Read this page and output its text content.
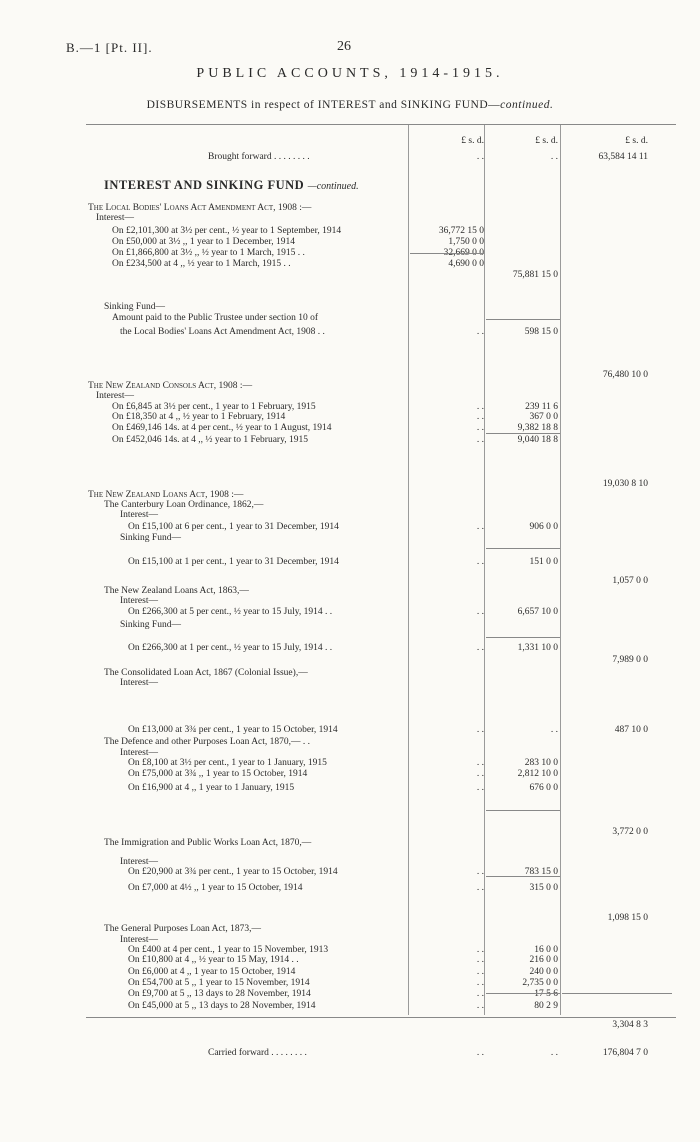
B.—1 [Pt. II].	26
PUBLIC ACCOUNTS, 1914-1915.
DISBURSEMENTS in respect of INTEREST and SINKING FUND—continued.
£ s. d.	£ s. d.	£ s. d.
INTEREST AND SINKING FUND —continued.
Brought forward . . . . . . . .	. .	. .	63,584 14 11
The Local Bodies' Loans Act Amendment Act, 1908 :—
Interest—
On £2,101,300 at 3½ per cent., ½ year to 1 September, 1914	36,772 15 0
On £50,000 at 3½ ,, 1 year to 1 December, 1914	1,750 0 0
On £1,866,800 at 3½ ,, ½ year to 1 March, 1915 . .	32,669 0 0
On £234,500 at 4 ,, ½ year to 1 March, 1915 . .	4,690 0 0
75,881 15 0
Sinking Fund—
Amount paid to the Public Trustee under section 10 of
the Local Bodies' Loans Act Amendment Act, 1908 . .	. .	598 15 0
76,480 10 0
The New Zealand Consols Act, 1908 :—
Interest—
On £6,845 at 3½ per cent., 1 year to 1 February, 1915	. .	239 11 6
On £18,350 at 4 ,, ½ year to 1 February, 1914	. .	367 0 0
On £469,146 14s. at 4 per cent., ½ year to 1 August, 1914	. .	9,382 18 8
On £452,046 14s. at 4 ,, ½ year to 1 February, 1915	. .	9,040 18 8
19,030 8 10
The New Zealand Loans Act, 1908 :—
The Canterbury Loan Ordinance, 1862,—
Interest—
On £15,100 at 6 per cent., 1 year to 31 December, 1914	. .	906 0 0
Sinking Fund—
On £15,100 at 1 per cent., 1 year to 31 December, 1914	. .	151 0 0
1,057 0 0
The New Zealand Loans Act, 1863,—
Interest—
On £266,300 at 5 per cent., ½ year to 15 July, 1914 . .	. .	6,657 10 0
Sinking Fund—
On £266,300 at 1 per cent., ½ year to 15 July, 1914 . .	. .	1,331 10 0
7,989 0 0
The Consolidated Loan Act, 1867 (Colonial Issue),—
Interest—
On £13,000 at 3¾ per cent., 1 year to 15 October, 1914	. .	. .	487 10 0
The Defence and other Purposes Loan Act, 1870,— . .
Interest—
On £8,100 at 3½ per cent., 1 year to 1 January, 1915	. .	283 10 0
On £75,000 at 3¾ ,, 1 year to 15 October, 1914	. .	2,812 10 0
On £16,900 at 4 ,, 1 year to 1 January, 1915	. .	676 0 0
3,772 0 0
The Immigration and Public Works Loan Act, 1870,—
Interest—
On £20,900 at 3¾ per cent., 1 year to 15 October, 1914	. .	783 15 0
On £7,000 at 4½ ,, 1 year to 15 October, 1914	. .	315 0 0
1,098 15 0
The General Purposes Loan Act, 1873,—
Interest—
On £400 at 4 per cent., 1 year to 15 November, 1913	. .	16 0 0
On £10,800 at 4 ,, ½ year to 15 May, 1914 . .	. .	216 0 0
On £6,000 at 4 ,, 1 year to 15 October, 1914	. .	240 0 0
On £54,700 at 5 ,, 1 year to 15 November, 1914	. .	2,735 0 0
On £9,700 at 5 ,, 13 days to 28 November, 1914	. .	17 5 6
On £45,000 at 5 ,, 13 days to 28 November, 1914	. .	80 2 9
3,304 8 3
Carried forward . . . . . . . .	. .	. .	176,804 7 0
